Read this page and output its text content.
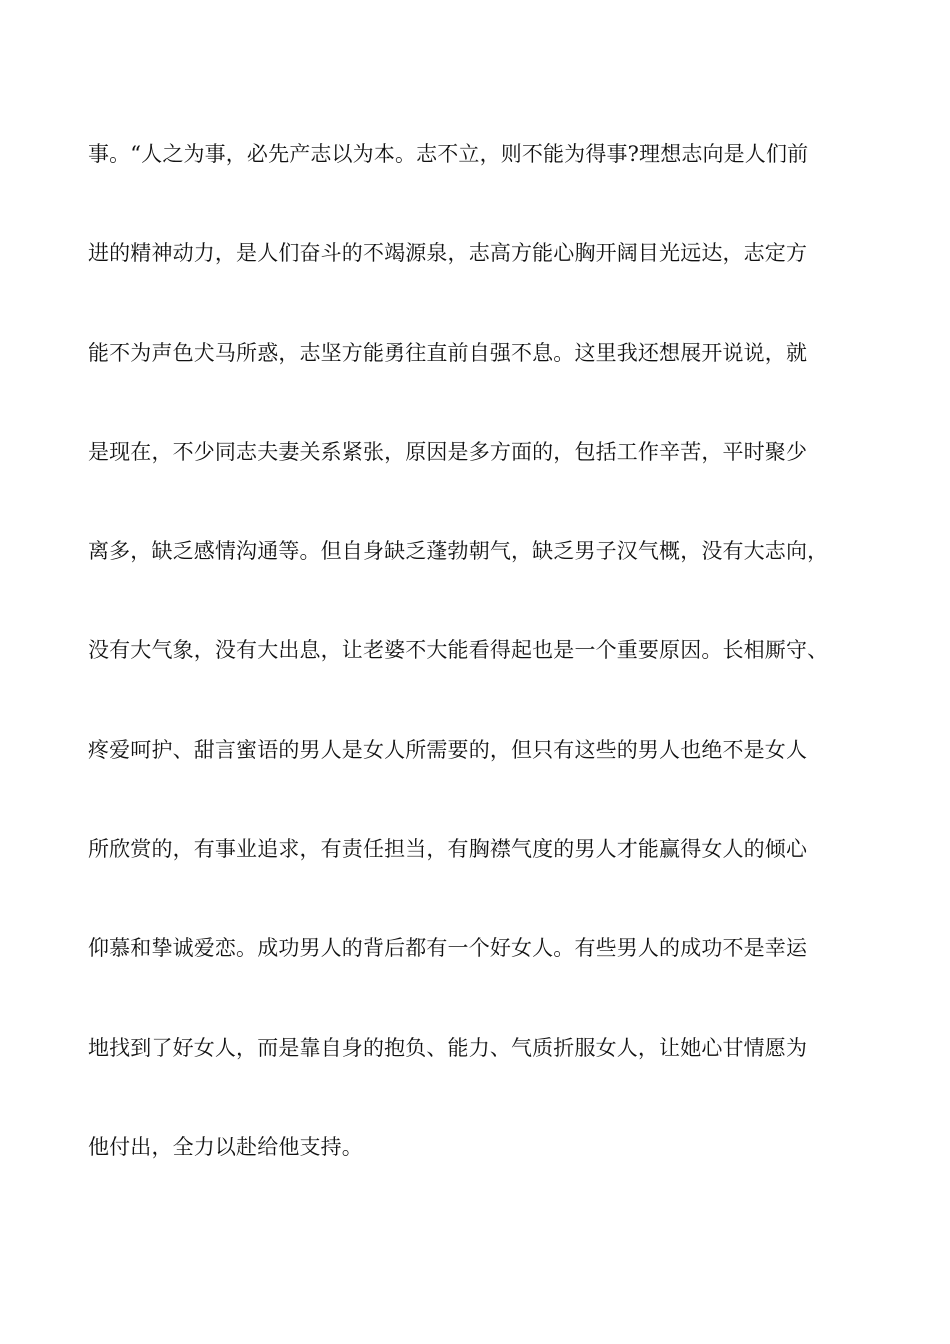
事。“人之为事，必先产志以为本。志不立，则不能为得事?理想志向是人们前
进的精神动力，是人们奋斗的不竭源泉，志高方能心胸开阔目光远达，志定方
能不为声色犬马所惑，志坚方能勇往直前自强不息。这里我还想展开说说，就
是现在，不少同志夫妻关系紧张，原因是多方面的，包括工作辛苦，平时聚少
离多，缺乏感情沟通等。但自身缺乏蓬勃朝气，缺乏男子汉气概，没有大志向，
没有大气象，没有大出息，让老婆不大能看得起也是一个重要原因。长相厮守、
疼爱呵护、甜言蜜语的男人是女人所需要的，但只有这些的男人也绝不是女人
所欣赏的，有事业追求，有责任担当，有胸襟气度的男人才能赢得女人的倾心
仰慕和挚诚爱恋。成功男人的背后都有一个好女人。有些男人的成功不是幸运
地找到了好女人，而是靠自身的抱负、能力、气质折服女人，让她心甘情愿为
他付出，全力以赴给他支持。
